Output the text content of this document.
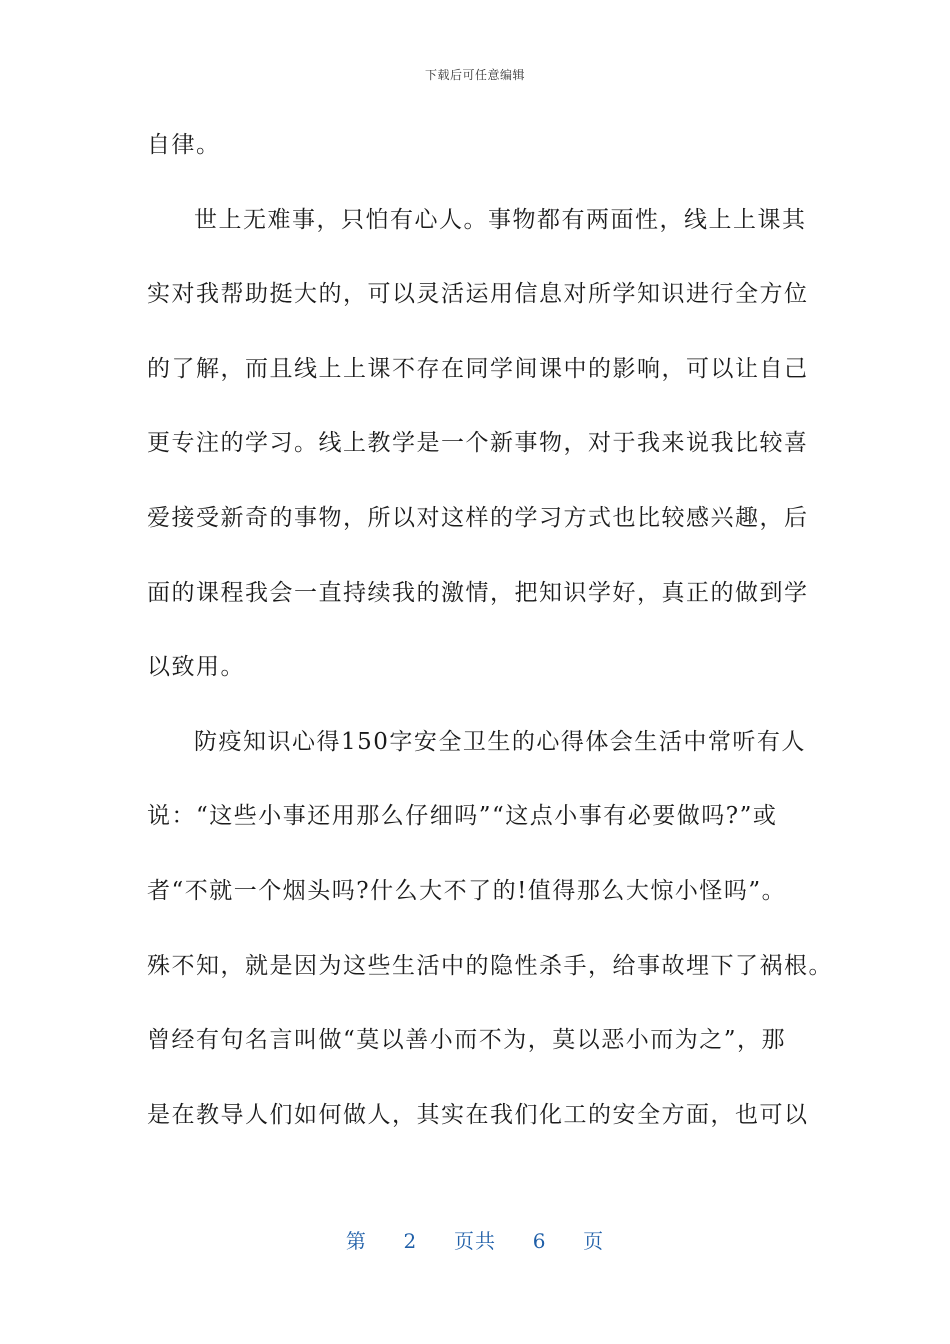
下载后可任意编辑
自律。
世上无难事，只怕有心人。事物都有两面性，线上上课其
实对我帮助挺大的，可以灵活运用信息对所学知识进行全方位
的了解，而且线上上课不存在同学间课中的影响，可以让自己
更专注的学习。线上教学是一个新事物，对于我来说我比较喜
爱接受新奇的事物，所以对这样的学习方式也比较感兴趣，后
面的课程我会一直持续我的激情，把知识学好，真正的做到学
以致用。
防疫知识心得150字安全卫生的心得体会生活中常听有人
说：“这些小事还用那么仔细吗”“这点小事有必要做吗?”或
者“不就一个烟头吗?什么大不了的!值得那么大惊小怪吗”。
殊不知，就是因为这些生活中的隐性杀手，给事故埋下了祸根。
曾经有句名言叫做“莫以善小而不为，莫以恶小而为之”，那
是在教导人们如何做人，其实在我们化工的安全方面，也可以
第 2 页共 6 页
